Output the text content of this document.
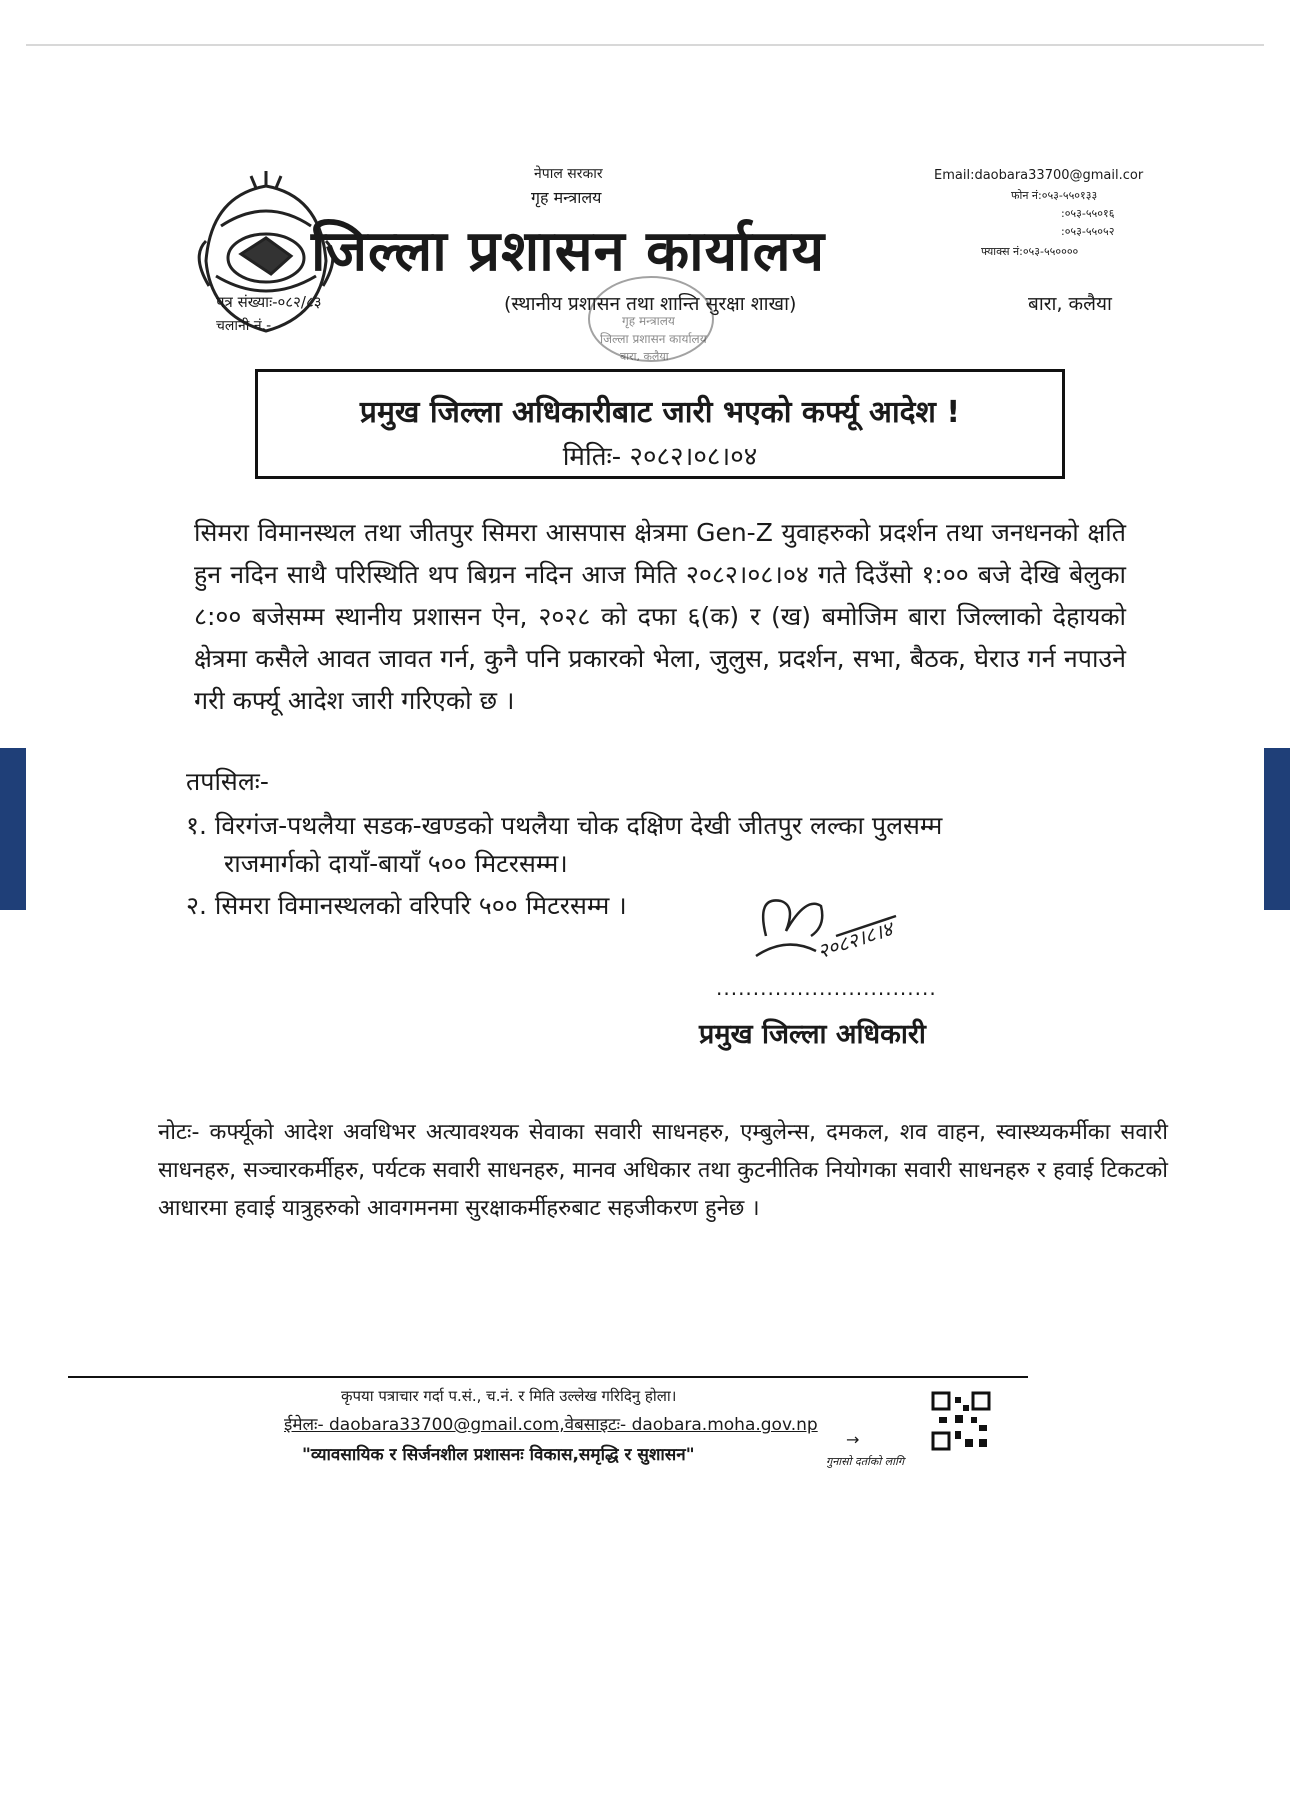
नेपाल सरकार
गृह मन्त्रालय
जिल्ला प्रशासन कार्यालय
Email:daobara33700@gmail.cor
फोन नं:०५३-५५०१३३
:०५३-५५०१६
:०५३-५५०५२
फ्याक्स नं:०५३-५५००००
पत्र संख्याः-०८२/८३
चलानी नं.-
(स्थानीय प्रशासन तथा शान्ति सुरक्षा शाखा)	बारा, कलैया
गृह मन्त्रालय
जिल्ला प्रशासन कार्यालय
बारा, कलैया
प्रमुख जिल्ला अधिकारीबाट जारी भएको कर्फ्यू आदेश !
मितिः- २०८२।०८।०४
सिमरा विमानस्थल तथा जीतपुर सिमरा आसपास क्षेत्रमा Gen-Z युवाहरुको प्रदर्शन तथा जनधनको क्षति हुन नदिन साथै परिस्थिति थप बिग्रन नदिन आज मिति २०८२।०८।०४ गते दिउँसो १:०० बजे देखि बेलुका ८:०० बजेसम्म स्थानीय प्रशासन ऐन, २०२८ को दफा ६(क) र (ख) बमोजिम बारा जिल्लाको देहायको क्षेत्रमा कसैले आवत जावत गर्न, कुनै पनि प्रकारको भेला, जुलुस, प्रदर्शन, सभा, बैठक, घेराउ गर्न नपाउने गरी कर्फ्यू आदेश जारी गरिएको छ ।
तपसिलः-
१. विरगंज-पथलैया सडक-खण्डको पथलैया चोक दक्षिण देखी जीतपुर लल्का पुलसम्म
राजमार्गको दायाँ-बायाँ ५०० मिटरसम्म।
२. सिमरा विमानस्थलको वरिपरि ५०० मिटरसम्म ।
२०८२।८।४
..............................
प्रमुख जिल्ला अधिकारी
नोटः- कर्फ्यूको आदेश अवधिभर अत्यावश्यक सेवाका सवारी साधनहरु, एम्बुलेन्स, दमकल, शव वाहन, स्वास्थ्यकर्मीका सवारी साधनहरु, सञ्चारकर्मीहरु, पर्यटक सवारी साधनहरु, मानव अधिकार तथा कुटनीतिक नियोगका सवारी साधनहरु र हवाई टिकटको आधारमा हवाई यात्रुहरुको आवगमनमा सुरक्षाकर्मीहरुबाट सहजीकरण हुनेछ ।
कृपया पत्राचार गर्दा प.सं., च.नं. र मिति उल्लेख गरिदिनु होला।
ईमेलः- daobara33700@gmail.com,वेबसाइटः- daobara.moha.gov.np
"व्यावसायिक र सिर्जनशील प्रशासनः विकास,समृद्धि र सुशासन"
→
गुनासो दर्ताको लागि
